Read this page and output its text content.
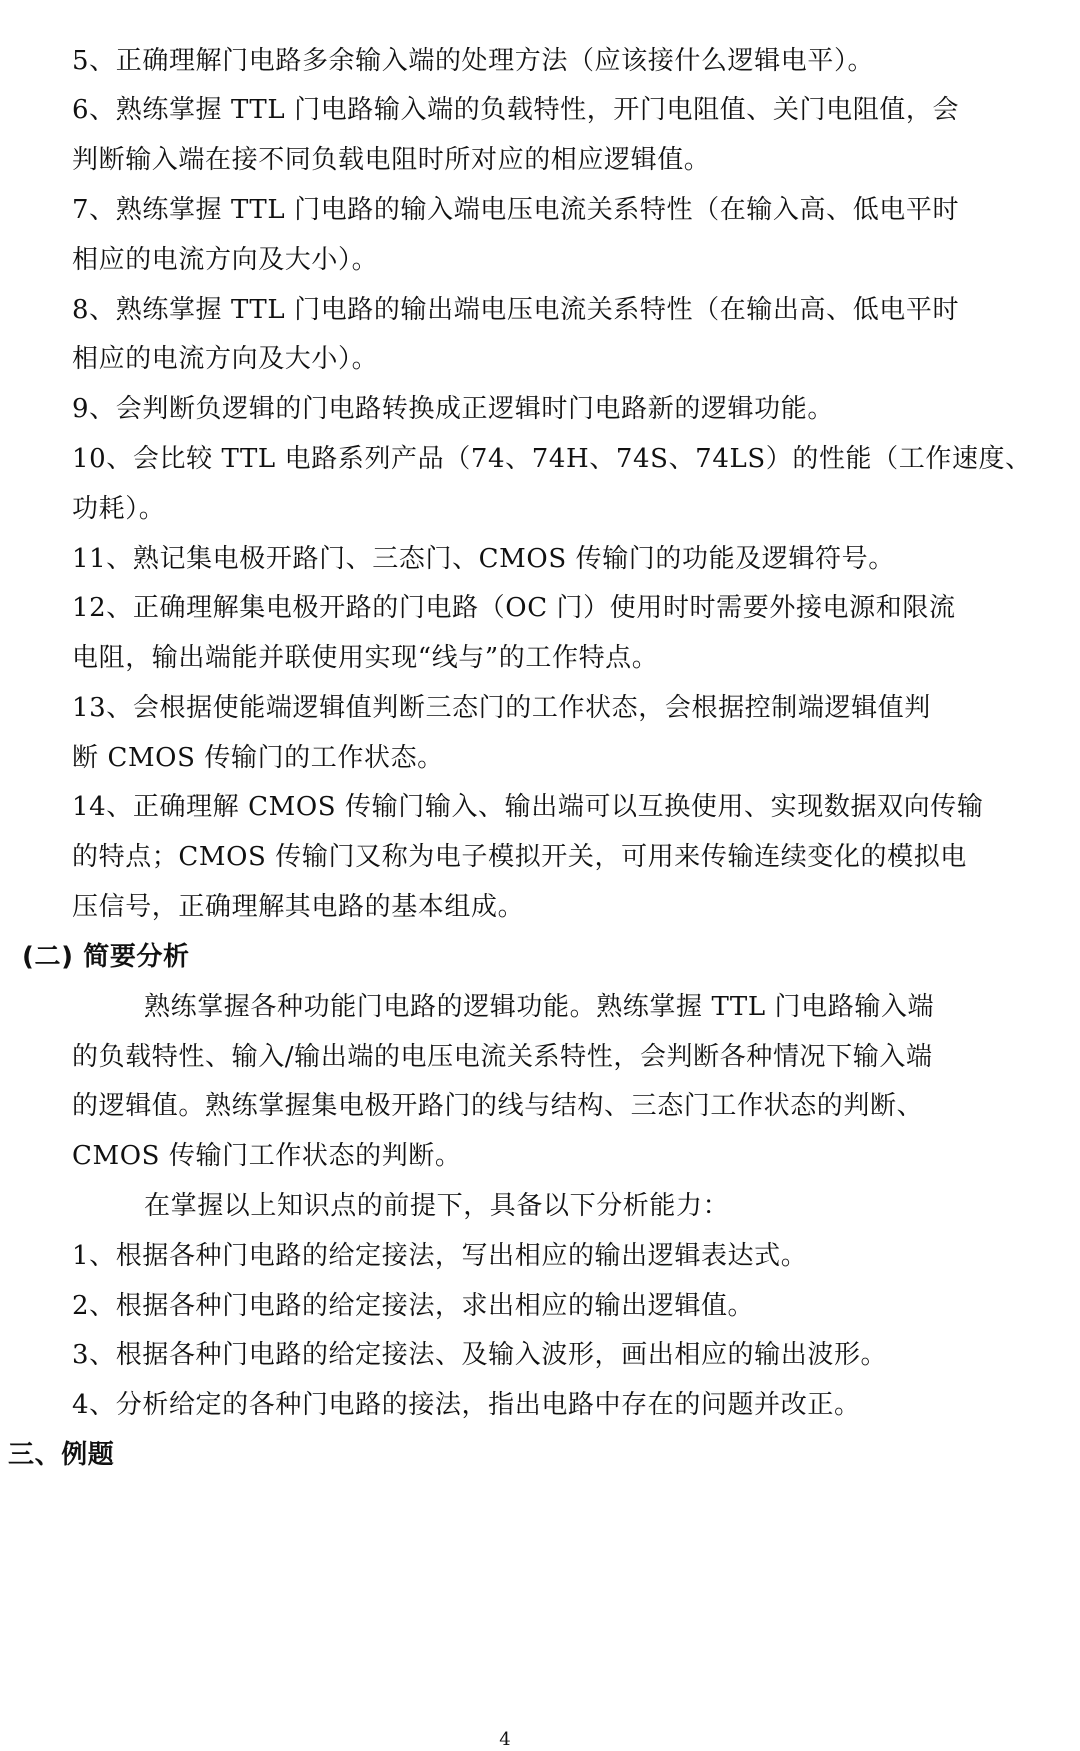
5、正确理解门电路多余输入端的处理方法（应该接什么逻辑电平）。
6、熟练掌握 TTL 门电路输入端的负载特性，开门电阻值、关门电阻值，会
判断输入端在接不同负载电阻时所对应的相应逻辑值。
7、熟练掌握 TTL 门电路的输入端电压电流关系特性（在输入高、低电平时
相应的电流方向及大小）。
8、熟练掌握 TTL 门电路的输出端电压电流关系特性（在输出高、低电平时
相应的电流方向及大小）。
9、会判断负逻辑的门电路转换成正逻辑时门电路新的逻辑功能。
10、会比较 TTL 电路系列产品（74、74H、74S、74LS）的性能（工作速度、
功耗）。
11、熟记集电极开路门、三态门、CMOS 传输门的功能及逻辑符号。
12、正确理解集电极开路的门电路（OC 门）使用时时需要外接电源和限流
电阻，输出端能并联使用实现“线与”的工作特点。
13、会根据使能端逻辑值判断三态门的工作状态，会根据控制端逻辑值判
断 CMOS 传输门的工作状态。
14、正确理解 CMOS 传输门输入、输出端可以互换使用、实现数据双向传输
的特点；CMOS 传输门又称为电子模拟开关，可用来传输连续变化的模拟电
压信号，正确理解其电路的基本组成。
(二) 简要分析
熟练掌握各种功能门电路的逻辑功能。熟练掌握 TTL 门电路输入端
的负载特性、输入/输出端的电压电流关系特性，会判断各种情况下输入端
的逻辑值。熟练掌握集电极开路门的线与结构、三态门工作状态的判断、
CMOS 传输门工作状态的判断。
在掌握以上知识点的前提下，具备以下分析能力：
1、根据各种门电路的给定接法，写出相应的输出逻辑表达式。
2、根据各种门电路的给定接法，求出相应的输出逻辑值。
3、根据各种门电路的给定接法、及输入波形，画出相应的输出波形。
4、分析给定的各种门电路的接法，指出电路中存在的问题并改正。
三、例题
4
